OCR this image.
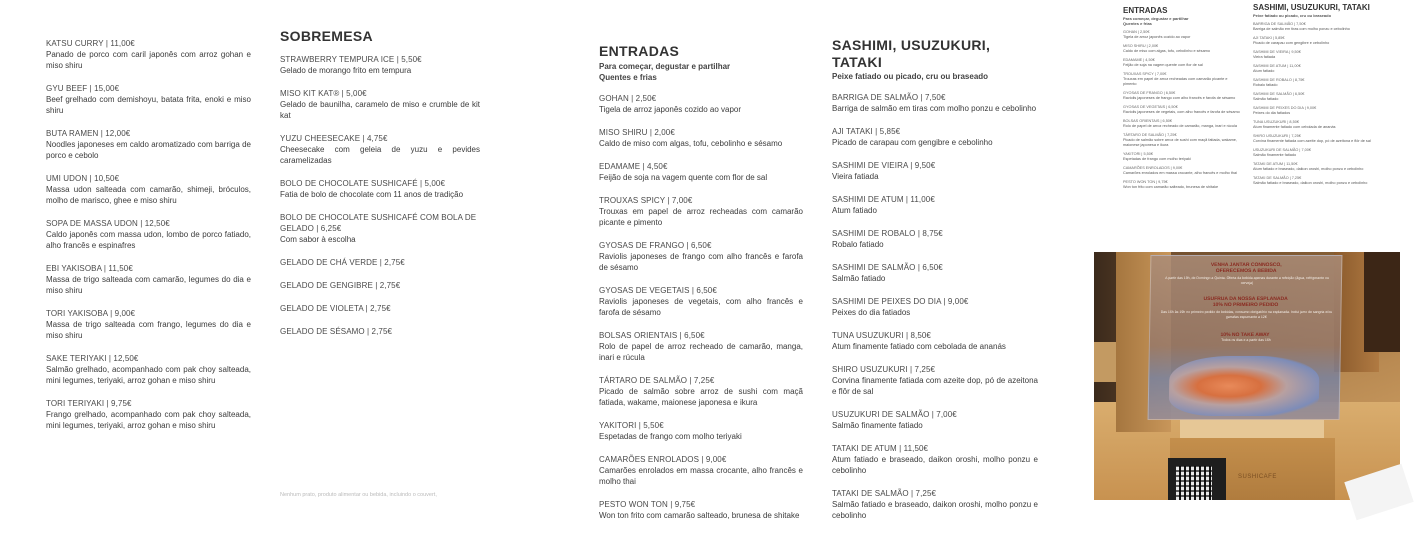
KATSU CURRY | 11,00€
Panado de porco com caril japonês com arroz gohan e miso shiru
GYU BEEF | 15,00€
Beef grelhado com demishoyu, batata frita, enoki e miso shiru
BUTA RAMEN | 12,00€
Noodles japoneses em caldo aromatizado com barriga de porco e cebolo
UMI UDON | 10,50€
Massa udon salteada com camarão, shimeji, bróculos, molho de marisco, ghee e miso shiru
SOPA DE MASSA UDON | 12,50€
Caldo japonês com massa udon, lombo de porco fatiado, alho francês e espinafres
EBI YAKISOBA | 11,50€
Massa de trigo salteada com camarão, legumes do dia e miso shiru
TORI YAKISOBA | 9,00€
Massa de trigo salteada com frango, legumes do dia e miso shiru
SAKE TERIYAKI | 12,50€
Salmão grelhado, acompanhado com pak choy salteada, mini legumes, teriyaki, arroz gohan e miso shiru
TORI TERIYAKI | 9,75€
Frango grelhado, acompanhado com pak choy salteada, mini legumes, teriyaki, arroz gohan e miso shiru
SOBREMESA
STRAWBERRY TEMPURA ICE | 5,50€
Gelado de morango frito em tempura
MISO KIT KAT® | 5,00€
Gelado de baunilha, caramelo de miso e crumble de kit kat
YUZU CHEESECAKE | 4,75€
Cheesecake com geleia de yuzu e pevides caramelizadas
BOLO DE CHOCOLATE SUSHICAFÉ | 5,00€
Fatia de bolo de chocolate com 11 anos de tradição
BOLO DE CHOCOLATE SUSHICAFÉ COM BOLA DE GELADO | 6,25€
Com sabor à escolha
GELADO DE CHÁ VERDE | 2,75€
GELADO DE GENGIBRE | 2,75€
GELADO DE VIOLETA | 2,75€
GELADO DE SÉSAMO | 2,75€
Nenhum prato, produto alimentar ou bebida, incluindo o couvert,
ENTRADAS
Para começar, degustar e partilhar
Quentes e frias
GOHAN | 2,50€
Tigela de arroz japonês cozido ao vapor
MISO SHIRU | 2,00€
Caldo de miso com algas, tofu, cebolinho e sésamo
EDAMAME | 4,50€
Feijão de soja na vagem quente com flor de sal
TROUXAS SPICY | 7,00€
Trouxas em papel de arroz recheadas com camarão picante e pimento
GYOSAS DE FRANGO | 6,50€
Raviolis japoneses de frango com alho francês e farofa de sésamo
GYOSAS DE VEGETAIS | 6,50€
Raviolis japoneses de vegetais, com alho francês e farofa de sésamo
BOLSAS ORIENTAIS | 6,50€
Rolo de papel de arroz recheado de camarão, manga, inari e rúcula
TÁRTARO DE SALMÃO | 7,25€
Picado de salmão sobre arroz de sushi com maçã fatiada, wakame, maionese japonesa e ikura
YAKITORI | 5,50€
Espetadas de frango com molho teriyaki
CAMARÕES ENROLADOS | 9,00€
Camarões enrolados em massa crocante, alho francês e molho thai
PESTO WON TON | 9,75€
Won ton frito com camarão salteado, brunesa de shitake
SASHIMI, USUZUKURI, TATAKI
Peixe fatiado ou picado, cru ou braseado
BARRIGA DE SALMÃO | 7,50€
Barriga de salmão em tiras com molho ponzu e cebolinho
AJI TATAKI | 5,85€
Picado de carapau com gengibre e cebolinho
SASHIMI DE VIEIRA | 9,50€
Vieira fatiada
SASHIMI DE ATUM | 11,00€
Atum fatiado
SASHIMI DE ROBALO | 8,75€
Robalo fatiado
SASHIMI DE SALMÃO | 6,50€
Salmão fatiado
SASHIMI DE PEIXES DO DIA | 9,00€
Peixes do dia fatiados
TUNA USUZUKURI | 8,50€
Atum finamente fatiado com cebolada de ananás
SHIRO USUZUKURI | 7,25€
Corvina finamente fatiada com azeite dop, pó de azeitona e flôr de sal
USUZUKURI DE SALMÃO | 7,00€
Salmão finamente fatiado
TATAKI DE ATUM | 11,50€
Atum fatiado e braseado, daikon oroshi, molho ponzu e cebolinho
TATAKI DE SALMÃO | 7,25€
Salmão fatiado e braseado, daikon oroshi, molho ponzu e cebolinho
ENTRADAS
Para começar, degustar e partilhar
Quentes e frias
GOHAN | 2,50€
Tigela de arroz japonês cozido ao vapor
MISO SHIRU | 2,00€
Caldo de miso com algas, tofu, cebolinho e sésamo
EDAMAME | 4,50€
Feijão de soja na vagem quente com flor de sal
TROUXAS SPICY | 7,00€
Trouxas em papel de arroz recheadas com camarão picante e pimento
GYOSAS DE FRANGO | 6,50€
Raviolis japoneses de frango com alho francês e farofa de sésamo
GYOSAS DE VEGETAIS | 6,50€
Raviolis japoneses de vegetais, com alho francês e farofa de sésamo
BOLSAS ORIENTAIS | 6,50€
Rolo de papel de arroz recheado de camarão, manga, inari e rúcula
TÁRTARO DE SALMÃO | 7,25€
Picado de salmão sobre arroz de sushi com maçã fatiada, wakame, maionese japonesa e ikura
YAKITORI | 5,50€
Espetadas de frango com molho teriyaki
CAMARÕES ENROLADOS | 9,00€
Camarões enrolados em massa crocante, alho francês e molho thai
PESTO WON TON | 9,75€
Won ton frito com camarão salteado, brunesa de shitake
SASHIMI, USUZUKURI, TATAKI
Peixe fatiado ou picado, cru ou braseado
BARRIGA DE SALMÃO | 7,50€
Barriga de salmão em tiras com molho ponzu e cebolinho
AJI TATAKI | 5,85€
Picado de carapau com gengibre e cebolinho
SASHIMI DE VIEIRA | 9,50€
Vieira fatiada
SASHIMI DE ATUM | 11,00€
Atum fatiado
SASHIMI DE ROBALO | 8,75€
Robalo fatiado
SASHIMI DE SALMÃO | 6,50€
Salmão fatiado
SASHIMI DE PEIXES DO DIA | 9,00€
Peixes do dia fatiados
TUNA USUZUKURI | 8,50€
Atum finamente fatiado com cebolada de ananás
SHIRO USUZUKURI | 7,25€
Corvina finamente fatiada com azeite dop, pó de azeitona e flôr de sal
USUZUKURI DE SALMÃO | 7,00€
Salmão finamente fatiado
TATAKI DE ATUM | 11,50€
Atum fatiado e braseado, daikon oroshi, molho ponzu e cebolinho
TATAKI DE SALMÃO | 7,25€
Salmão fatiado e braseado, daikon oroshi, molho ponzu e cebolinho
VENHA JANTAR CONNOSCO,
OFERECEMOS A BEBIDA
A partir das 19h, de Domingo a Quinta. Oferta da bebida apenas durante a refeição (água, refrigerante ou cerveja)
USUFRUA DA NOSSA ESPLANADA
10% NO PRIMEIRO PEDIDO
Das 16h às 19h no primeiro pedido de bebidas, consumo obrigatório na esplanada. Inclui jarro de sangria e/ou garrafas espumante a 12€
10% NO TAKE AWAY
Todos os dias e a partir das 16h
SUSHICAFE
